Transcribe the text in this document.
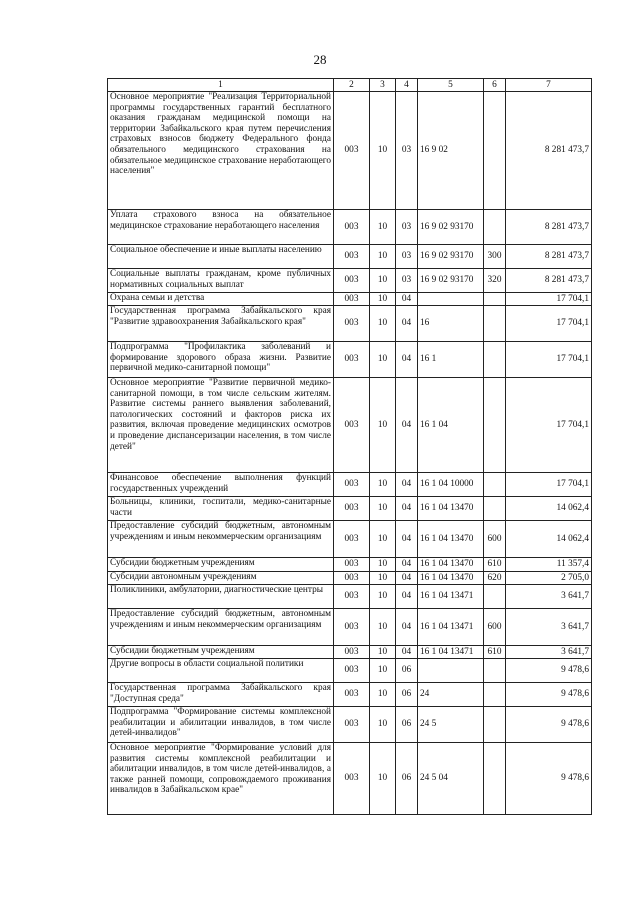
28
1	2	3	4	5	6	7
Основное мероприятие "Реализация Территориальной программы государственных гарантий бесплатного оказания гражданам медицинской помощи на территории Забайкальского края путем перечисления страховых взносов бюджету Федерального фонда обязательного медицинского страхования на обязательное медицинское страхование неработающего населения"	003	10	03	16 9 02		8 281 473,7
Уплата страхового взноса на обязательное медицинское страхование неработающего населения	003	10	03	16 9 02 93170		8 281 473,7
Социальное обеспечение и иные выплаты населению	003	10	03	16 9 02 93170	300	8 281 473,7
Социальные выплаты гражданам, кроме публичных нормативных социальных выплат	003	10	03	16 9 02 93170	320	8 281 473,7
Охрана семьи и детства	003	10	04			17 704,1
Государственная программа Забайкальского края "Развитие здравоохранения Забайкальского края"	003	10	04	16		17 704,1
Подпрограмма "Профилактика заболеваний и формирование здорового образа жизни. Развитие первичной медико-санитарной помощи"	003	10	04	16 1		17 704,1
Основное мероприятие "Развитие первичной медико-санитарной помощи, в том числе сельским жителям. Развитие системы раннего выявления заболеваний, патологических состояний и факторов риска их развития, включая проведение медицинских осмотров и проведение диспансеризации населения, в том числе детей"	003	10	04	16 1 04		17 704,1
Финансовое обеспечение выполнения функций государственных учреждений	003	10	04	16 1 04 10000		17 704,1
Больницы, клиники, госпитали, медико-санитарные части	003	10	04	16 1 04 13470		14 062,4
Предоставление субсидий бюджетным, автономным учреждениям и иным некоммерческим организациям	003	10	04	16 1 04 13470	600	14 062,4
Субсидии бюджетным учреждениям	003	10	04	16 1 04 13470	610	11 357,4
Субсидии автономным учреждениям	003	10	04	16 1 04 13470	620	2 705,0
Поликлиники, амбулатории, диагностические центры	003	10	04	16 1 04 13471		3 641,7
Предоставление субсидий бюджетным, автономным учреждениям и иным некоммерческим организациям	003	10	04	16 1 04 13471	600	3 641,7
Субсидии бюджетным учреждениям	003	10	04	16 1 04 13471	610	3 641,7
Другие вопросы в области социальной политики	003	10	06			9 478,6
Государственная программа Забайкальского края "Доступная среда"	003	10	06	24		9 478,6
Подпрограмма "Формирование системы комплексной реабилитации и абилитации инвалидов, в том числе детей-инвалидов"	003	10	06	24 5		9 478,6
Основное мероприятие "Формирование условий для развития системы комплексной реабилитации и абилитации инвалидов, в том числе детей-инвалидов, а также ранней помощи, сопровождаемого проживания инвалидов в Забайкальском крае"	003	10	06	24 5 04		9 478,6
